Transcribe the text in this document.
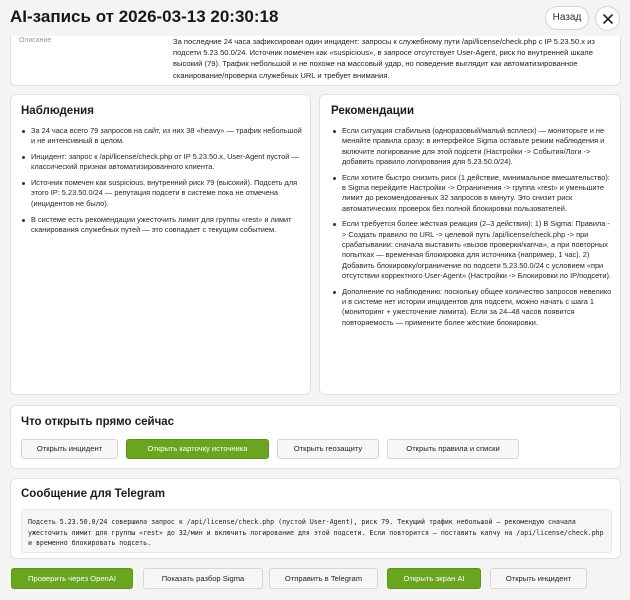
Описание	За последние 24 часа зафиксирован один инцидент: запросы к служебному пути /api/license/check.php с IP 5.23.50.x из подсети 5.23.50.0/24. Источник помечен как «suspicious», в запросе отсутствует User-Agent, риск по внутренней шкале высокий (79). Трафик небольшой и не похоже на массовый удар, но поведение выглядит как автоматизированное сканирование/проверка служебных URL и требует внимания.
AI-запись от 2026-03-13 20:30:18	Назад
Наблюдения
За 24 часа всего 79 запросов на сайт, из них 38 «heavy» — трафик небольшой и не интенсивный в целом.
Инцидент: запрос к /api/license/check.php от IP 5.23.50.x, User-Agent пустой — классический признак автоматизированного клиента.
Источник помечен как suspicious, внутренний риск 79 (высокий). Подсеть для этого IP: 5.23.50.0/24 — репутация подсети в системе пока не отмечена (инцидентов не было).
В системе есть рекомендации ужесточить лимит для группы «rest» и лимит сканирования служебных путей — это совпадает с текущим событием.
Рекомендации
Если ситуация стабильна (одноразовый/малый всплеск) — мониторьте и не меняйте правила сразу: в интерфейсе Sigma оставьте режим наблюдения и включите логирование для этой подсети (Настройки -> События/Логи -> добавить правило логирования для 5.23.50.0/24).
Если хотите быстро снизить риск (1 действие, минимальное вмешательство): в Sigma перейдите Настройки -> Ограничения -> группа «rest» и уменьшите лимит до рекомендованных 32 запросов в минуту. Это снизит риск автоматических проверок без полной блокировки пользователей.
Если требуется более жёсткая реакция (2–3 действия): 1) В Sigma: Правила -> Создать правило по URL -> целевой путь /api/license/check.php -> при срабатывании: сначала выставить «вызов проверки/капча», а при повторных попытках — временная блокировка для источника (например, 1 час). 2) Добавить блокировку/ограничение по подсети 5.23.50.0/24 с условием «при отсутствии корректного User-Agent» (Настройки -> Блокировки по IP/подсети).
Дополнение по наблюдению: поскольку общее количество запросов невелико и в системе нет истории инцидентов для подсети, можно начать с шага 1 (мониторинг + ужесточение лимита). Если за 24–48 часов появится повторяемость — примените более жёсткие блокировки.
Что открыть прямо сейчас
Открыть инцидент	Открыть карточку источника	Открыть геозащиту	Открыть правила и списки
Сообщение для Telegram
Подсеть 5.23.50.0/24 совершила запрос к /api/license/check.php (пустой User-Agent), риск 79. Текущий трафик небольшой — рекомендую сначала ужесточить лимит для группы «rest» до 32/мин и включить логирование для этой подсети. Если повторится — поставить капчу на /api/license/check.php и временно блокировать подсеть.
Проверить через OpenAI	Показать разбор Sigma	Отправить в Telegram	Открыть экран AI	Открыть инцидент
